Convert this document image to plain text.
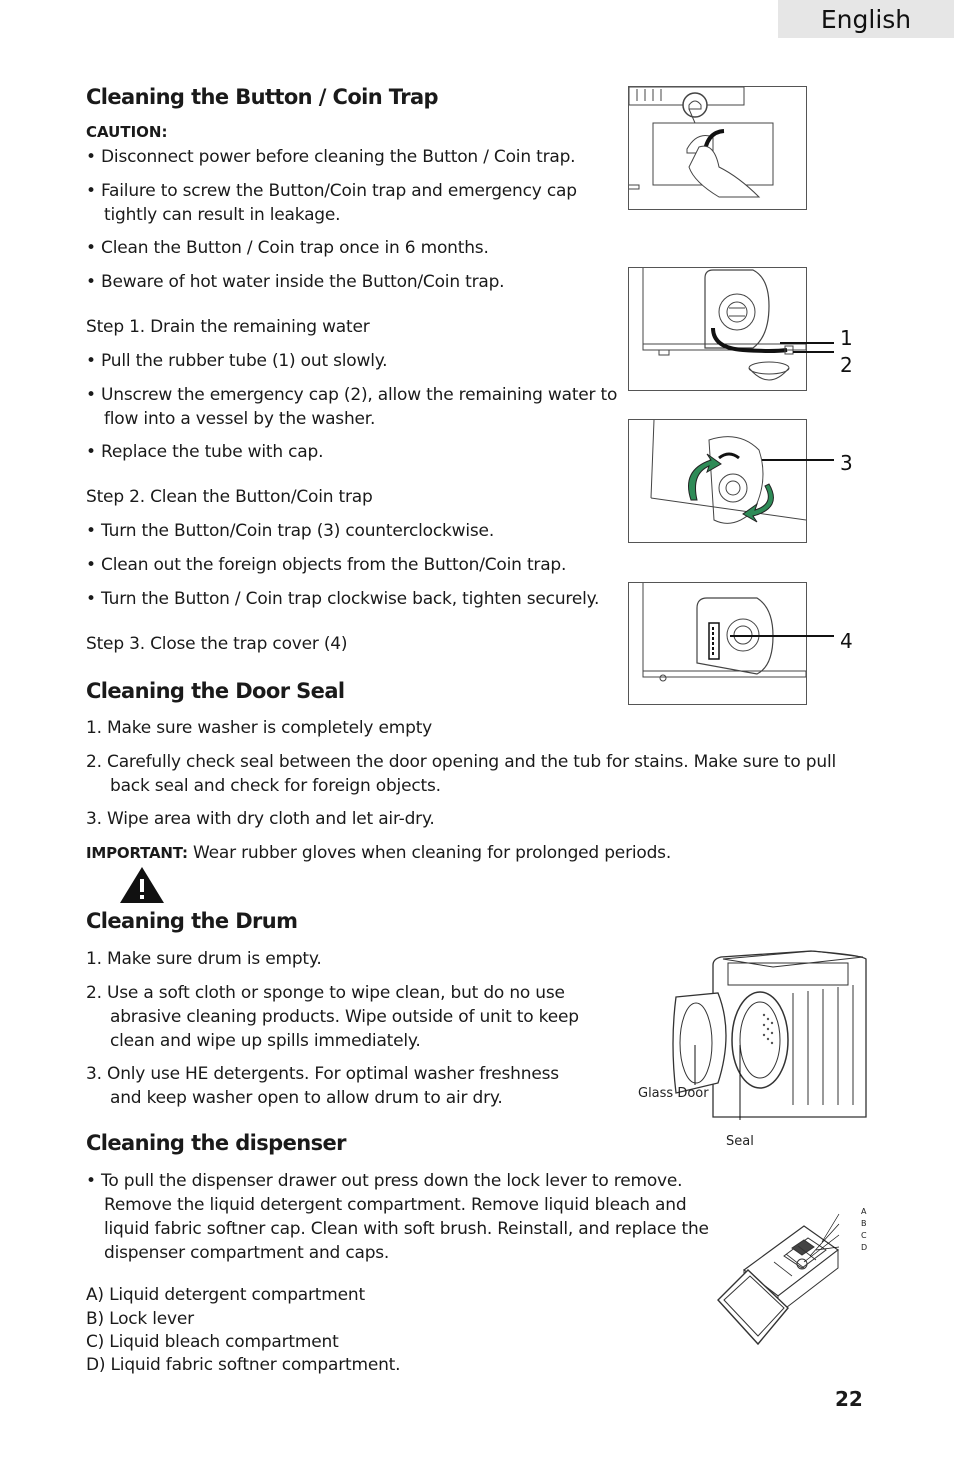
English
Cleaning the Button / Coin Trap
CAUTION:
• Disconnect power before cleaning the Button / Coin trap.
• Failure to screw the Button/Coin trap and emergency cap tightly can result in leakage.
• Clean the Button / Coin trap once in 6 months.
• Beware of hot water inside the Button/Coin trap.
Step 1. Drain the remaining water
• Pull the rubber tube (1) out slowly.
• Unscrew the emergency cap (2), allow the remaining water to flow into a vessel by the washer.
• Replace the tube with cap.
Step 2. Clean the Button/Coin trap
• Turn the Button/Coin trap (3) counterclockwise.
• Clean out the foreign objects from the Button/Coin trap.
• Turn the Button / Coin trap clockwise back, tighten securely.
Step 3. Close the trap cover (4)
1
2
3
4
Cleaning the Door Seal
1. Make sure washer is completely empty
2. Carefully check seal between the door opening and the tub for stains. Make sure to pull back seal and check for foreign objects.
3. Wipe area with dry cloth and let air-dry.
IMPORTANT: Wear rubber gloves when cleaning for prolonged periods.
Cleaning the Drum
1. Make sure drum is empty.
2. Use a soft cloth or sponge to wipe clean, but do no use abrasive cleaning products. Wipe outside of unit to keep clean and wipe up spills immediately.
3. Only use HE detergents. For optimal washer freshness and keep washer open to allow drum to air dry.	Glass Door
Seal
Cleaning the dispenser
• To pull the dispenser drawer out press down the lock lever to remove. Remove the liquid detergent compartment. Remove liquid bleach and liquid fabric softner cap. Clean with soft brush. Reinstall, and replace the dispenser compartment and caps.
A) Liquid detergent compartment
B) Lock lever
C) Liquid bleach compartment
D) Liquid fabric softner compartment.
A
B
C
D
22
